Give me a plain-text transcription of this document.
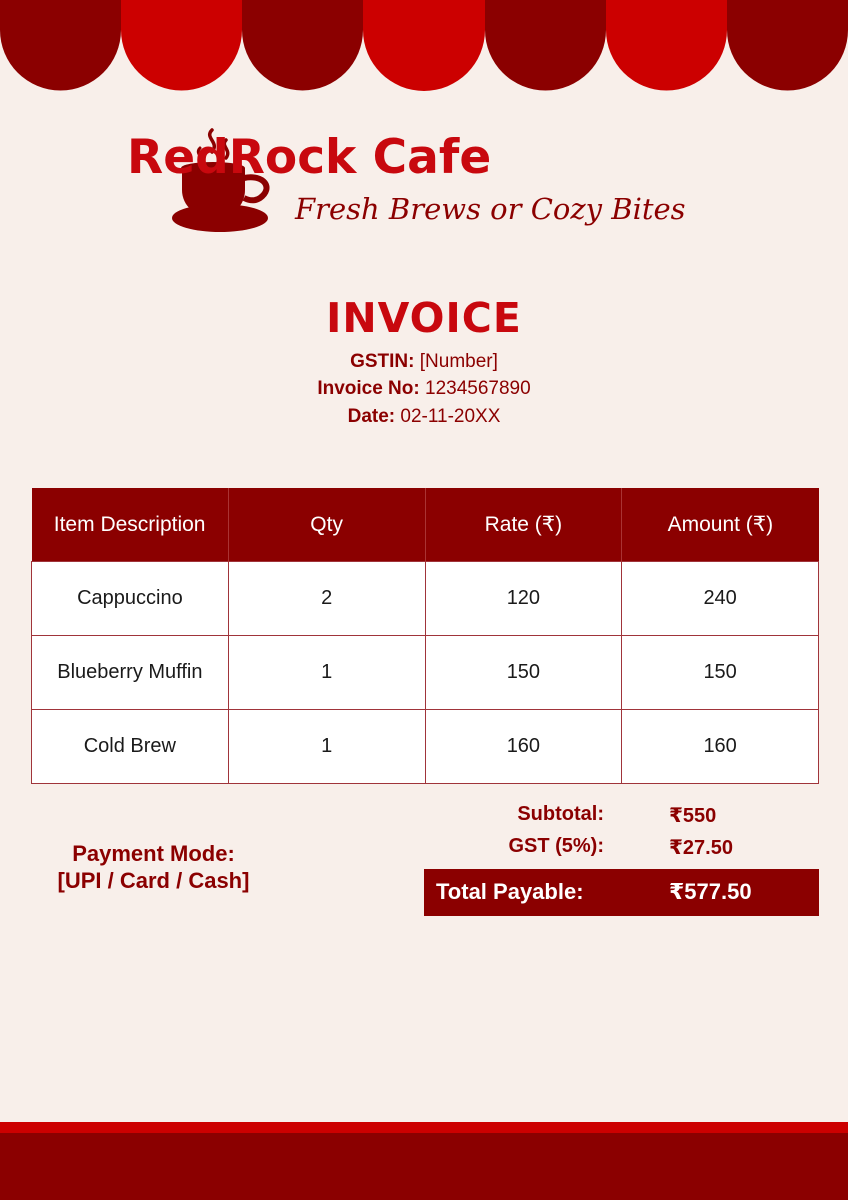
RedRock Cafe
Fresh Brews or Cozy Bites
INVOICE
GSTIN: [Number]
Invoice No: 1234567890
Date: 02-11-20XX
Item Description	Qty	Rate (₹)	Amount (₹)
Cappuccino	2	120	240
Blueberry Muffin	1	150	150
Cold Brew	1	160	160
Payment Mode:
[UPI / Card / Cash]
Subtotal:	₹550
GST (5%):	₹27.50
Total Payable:	₹577.50
